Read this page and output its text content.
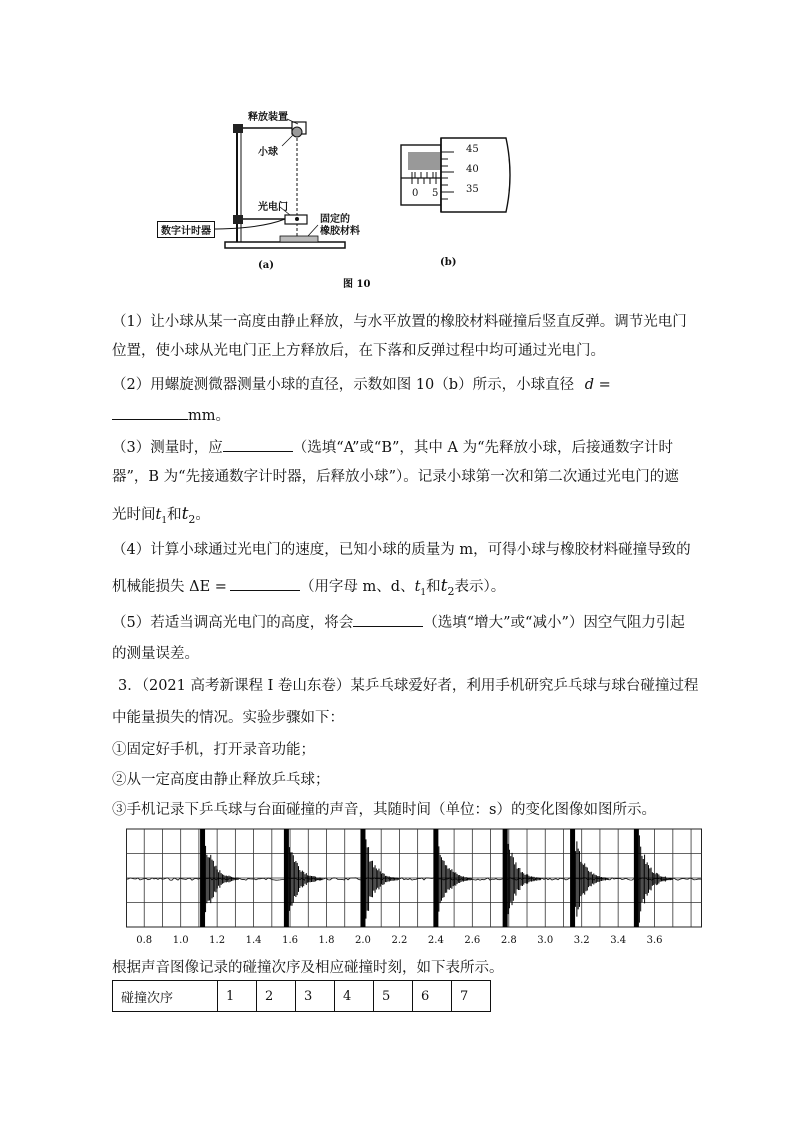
释放装置
小球
光电门
固定的
橡胶材料
数字计时器
(a)
0 5
45
40
35
(b)
图 10
（1）让小球从某一高度由静止释放，与水平放置的橡胶材料碰撞后竖直反弹。调节光电门
位置，使小球从光电门正上方释放后，在下落和反弹过程中均可通过光电门。
（2）用螺旋测微器测量小球的直径，示数如图 10（b）所示，小球直径 d =
mm。
（3）测量时，应	（选填“A”或“B”，其中 A 为“先释放小球，后接通数字计时
器”，B 为“先接通数字计时器，后释放小球”）。记录小球第一次和第二次通过光电门的遮
光时间$t_1$和$t_2$。
（4）计算小球通过光电门的速度，已知小球的质量为 m，可得小球与橡胶材料碰撞导致的
机械能损失 ΔE =	（用字母 m、d、$t_1$和$t_2$表示）。
（5）若适当调高光电门的高度，将会	（选填“增大”或“减小”）因空气阻力引起
的测量误差。
3．（2021 高考新课程 I 卷山东卷）某乒乓球爱好者，利用手机研究乒乓球与球台碰撞过程
中能量损失的情况。实验步骤如下：
①固定好手机，打开录音功能；
②从一定高度由静止释放乒乓球；
③手机记录下乒乓球与台面碰撞的声音，其随时间（单位：s）的变化图像如图所示。
0.8 1.0 1.2 1.4 1.6 1.8 2.0 2.2 2.4 2.6 2.8 3.0 3.2 3.4 3.6
根据声音图像记录的碰撞次序及相应碰撞时刻，如下表所示。
碰撞次序	1	2	3	4	5	6	7
